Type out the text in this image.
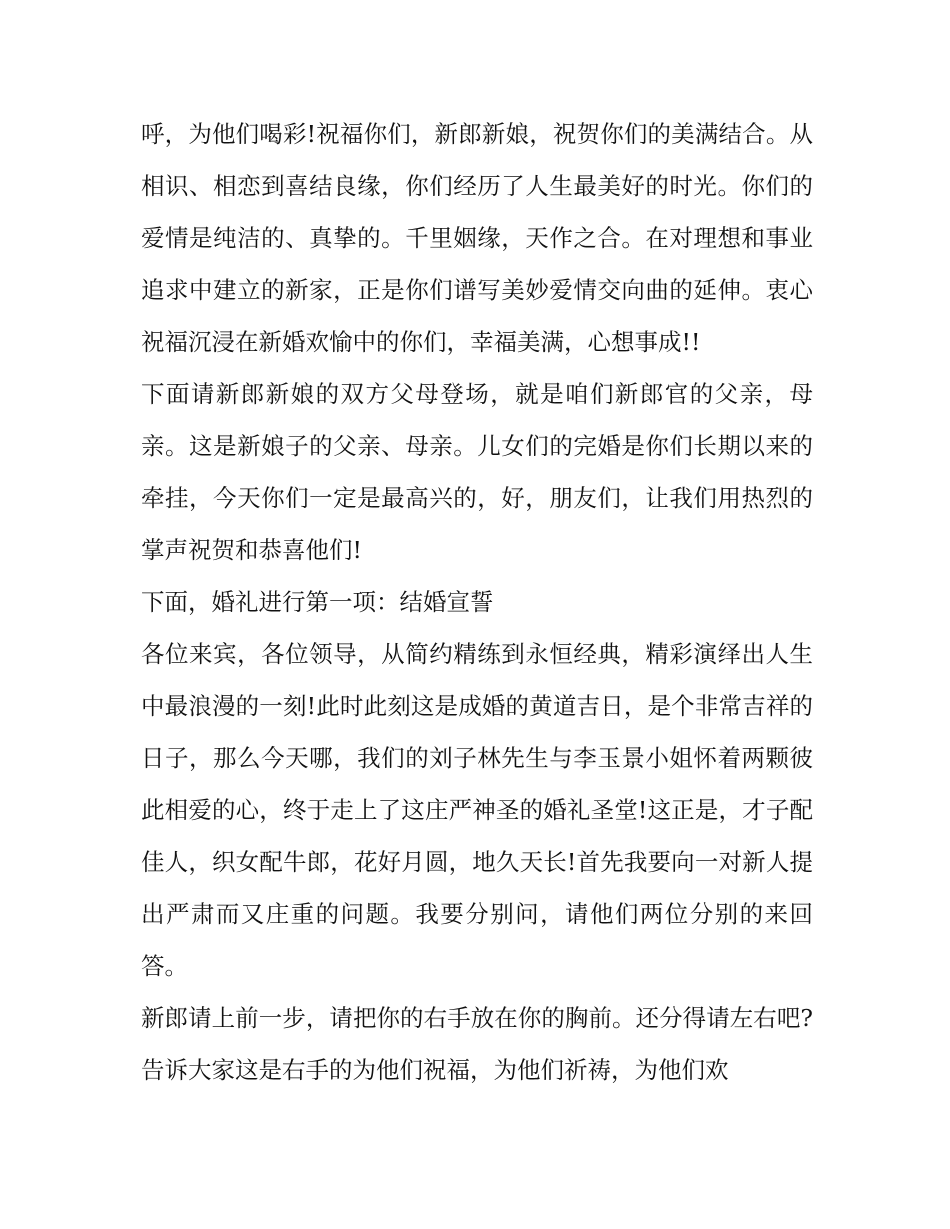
呼，为他们喝彩!祝福你们，新郎新娘，祝贺你们的美满结合。从相识、相恋到喜结良缘，你们经历了人生最美好的时光。你们的爱情是纯洁的、真挚的。千里姻缘，天作之合。在对理想和事业追求中建立的新家，正是你们谱写美妙爱情交向曲的延伸。衷心祝福沉浸在新婚欢愉中的你们，幸福美满，心想事成!!

下面请新郎新娘的双方父母登场，就是咱们新郎官的父亲，母亲。这是新娘子的父亲、母亲。儿女们的完婚是你们长期以来的牵挂，今天你们一定是最高兴的，好，朋友们，让我们用热烈的掌声祝贺和恭喜他们!

下面，婚礼进行第一项：结婚宣誓

各位来宾，各位领导，从简约精练到永恒经典，精彩演绎出人生中最浪漫的一刻!此时此刻这是成婚的黄道吉日，是个非常吉祥的日子，那么今天哪，我们的刘子林先生与李玉景小姐怀着两颗彼此相爱的心，终于走上了这庄严神圣的婚礼圣堂!这正是，才子配佳人，织女配牛郎，花好月圆，地久天长!首先我要向一对新人提出严肃而又庄重的问题。我要分别问，请他们两位分别的来回答。

新郎请上前一步，请把你的右手放在你的胸前。还分得请左右吧?告诉大家这是右手的为他们祝福，为他们祈祷，为他们欢
